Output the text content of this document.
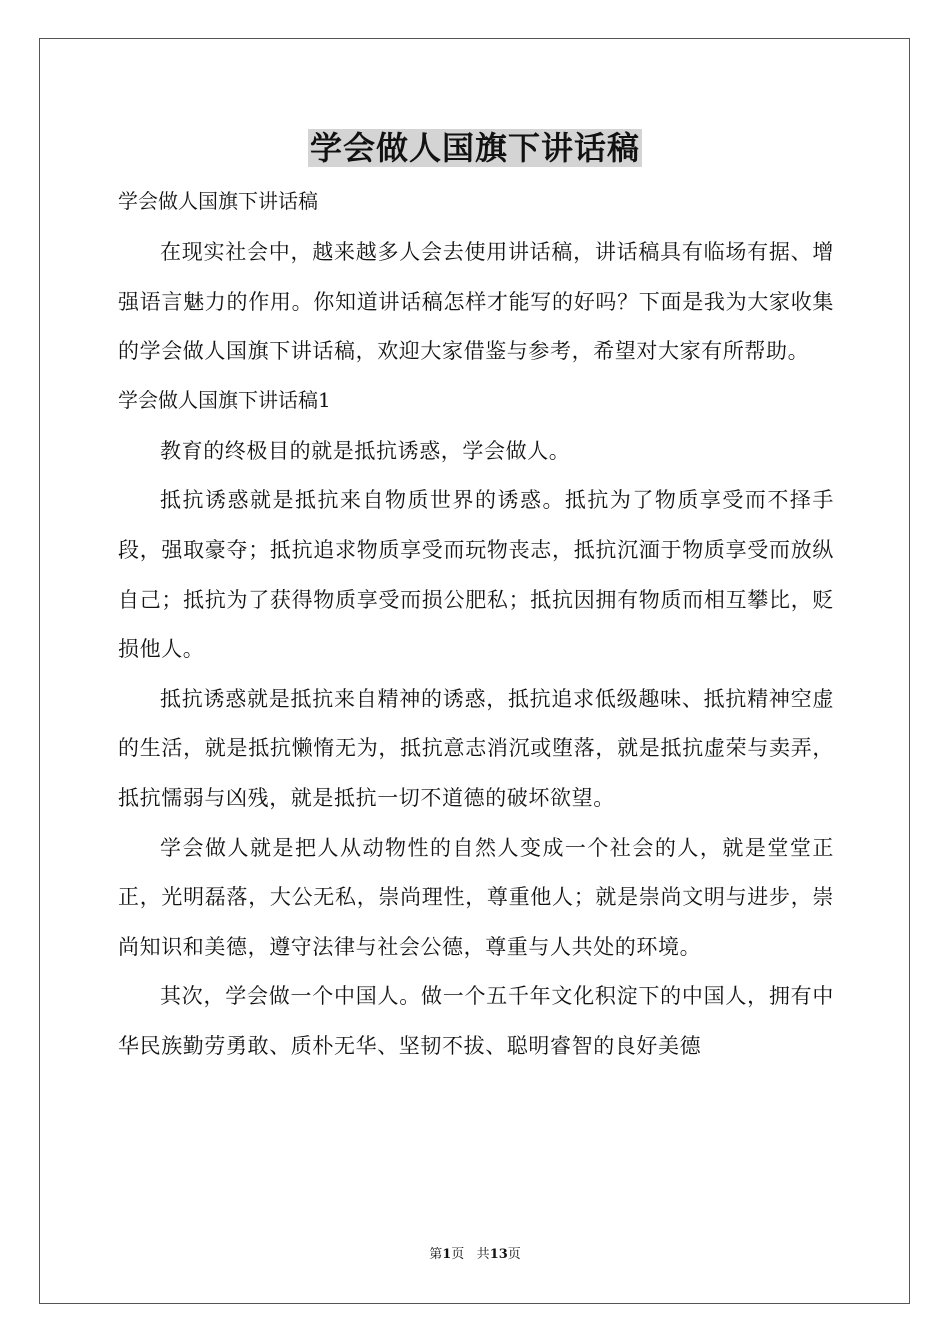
学会做人国旗下讲话稿

学会做人国旗下讲话稿

在现实社会中，越来越多人会去使用讲话稿，讲话稿具有临场有据、增强语言魅力的作用。你知道讲话稿怎样才能写的好吗？下面是我为大家收集的学会做人国旗下讲话稿，欢迎大家借鉴与参考，希望对大家有所帮助。

学会做人国旗下讲话稿1

教育的终极目的就是抵抗诱惑，学会做人。

抵抗诱惑就是抵抗来自物质世界的诱惑。抵抗为了物质享受而不择手段，强取豪夺；抵抗追求物质享受而玩物丧志，抵抗沉湎于物质享受而放纵自己；抵抗为了获得物质享受而损公肥私；抵抗因拥有物质而相互攀比，贬损他人。

抵抗诱惑就是抵抗来自精神的诱惑，抵抗追求低级趣味、抵抗精神空虚的生活，就是抵抗懒惰无为，抵抗意志消沉或堕落，就是抵抗虚荣与卖弄，抵抗懦弱与凶残，就是抵抗一切不道德的破坏欲望。

学会做人就是把人从动物性的自然人变成一个社会的人，就是堂堂正正，光明磊落，大公无私，崇尚理性，尊重他人；就是崇尚文明与进步，崇尚知识和美德，遵守法律与社会公德，尊重与人共处的环境。

其次，学会做一个中国人。做一个五千年文化积淀下的中国人，拥有中华民族勤劳勇敢、质朴无华、坚韧不拔、聪明睿智的良好美德

第1页 共13页
